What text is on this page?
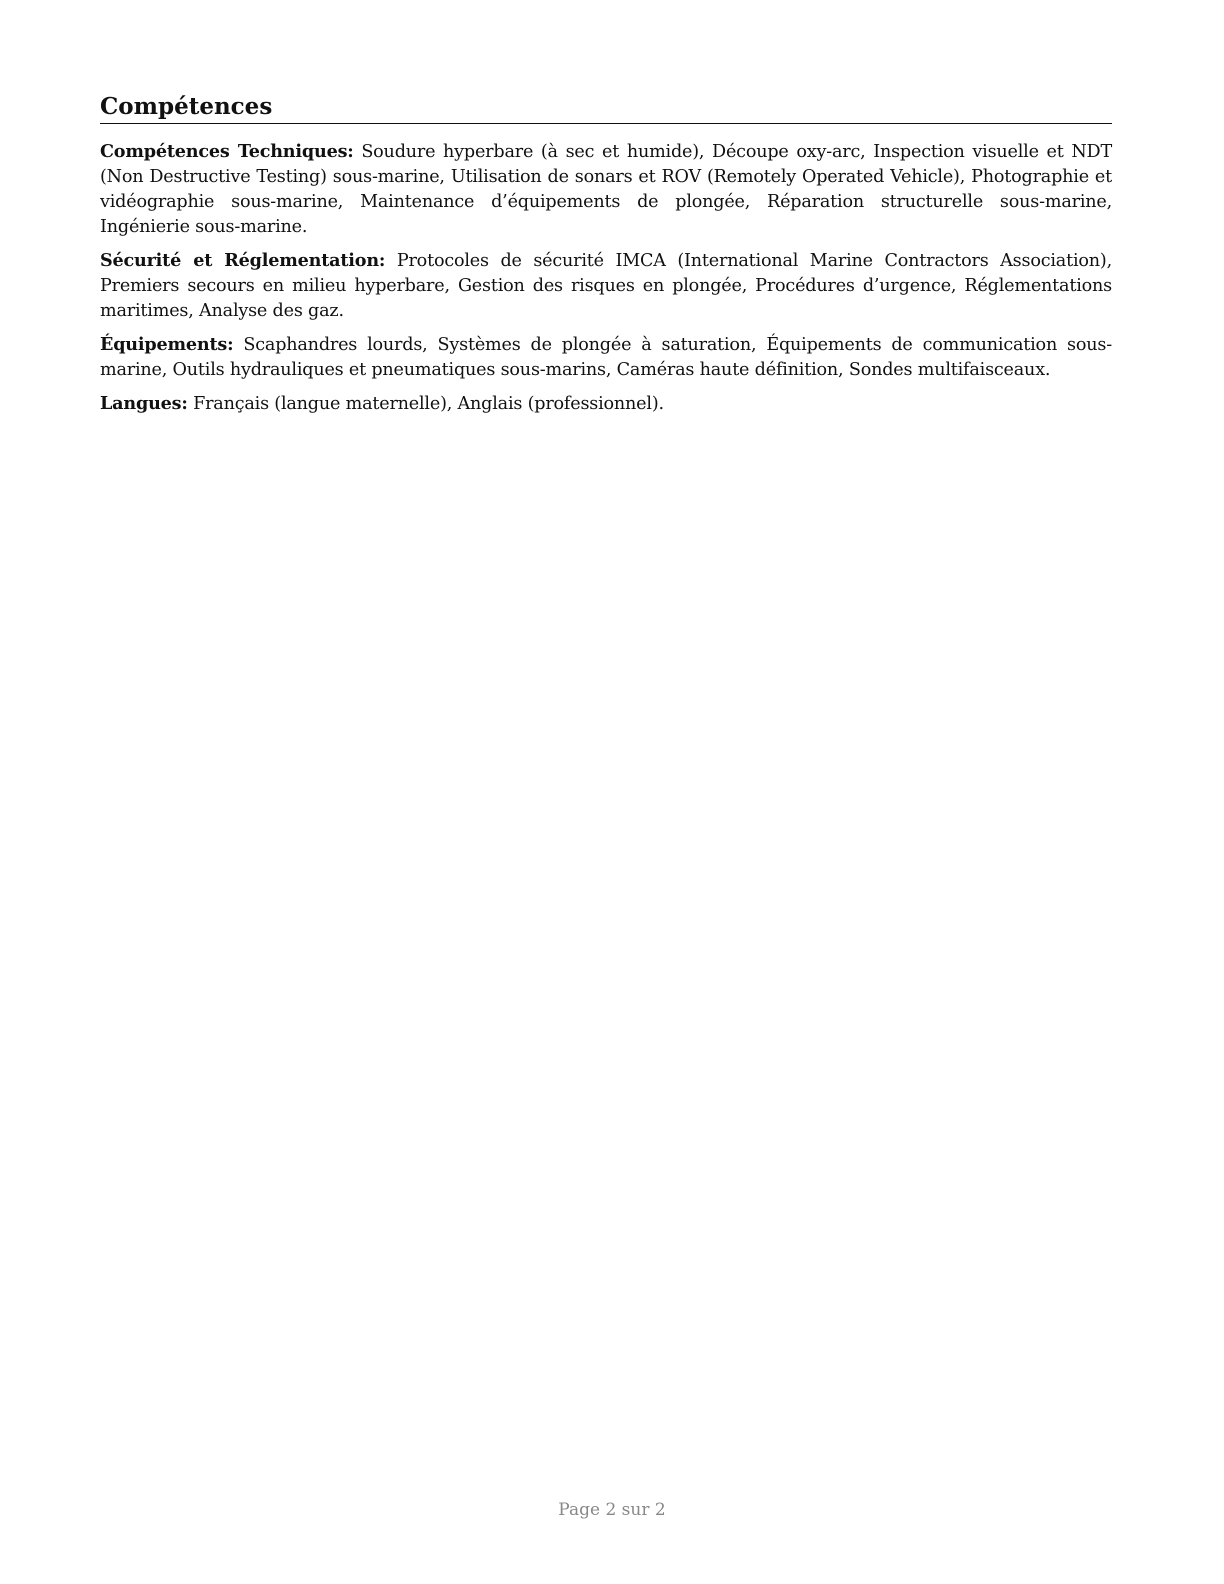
Compétences

Compétences Techniques: Soudure hyperbare (à sec et humide), Découpe oxy-arc, Inspection visuelle et NDT (Non Destructive Testing) sous-marine, Utilisation de sonars et ROV (Remotely Operated Vehicle), Photographie et vidéographie sous-marine, Maintenance d’équipements de plongée, Réparation structurelle sous-marine, Ingénierie sous-marine.

Sécurité et Réglementation: Protocoles de sécurité IMCA (International Marine Contractors Association), Premiers secours en milieu hyperbare, Gestion des risques en plongée, Procédures d’urgence, Réglementations maritimes, Analyse des gaz.

Équipements: Scaphandres lourds, Systèmes de plongée à saturation, Équipements de communication sous-marine, Outils hydrauliques et pneumatiques sous-marins, Caméras haute définition, Sondes multifaisceaux.

Langues: Français (langue maternelle), Anglais (professionnel).

Page 2 sur 2
